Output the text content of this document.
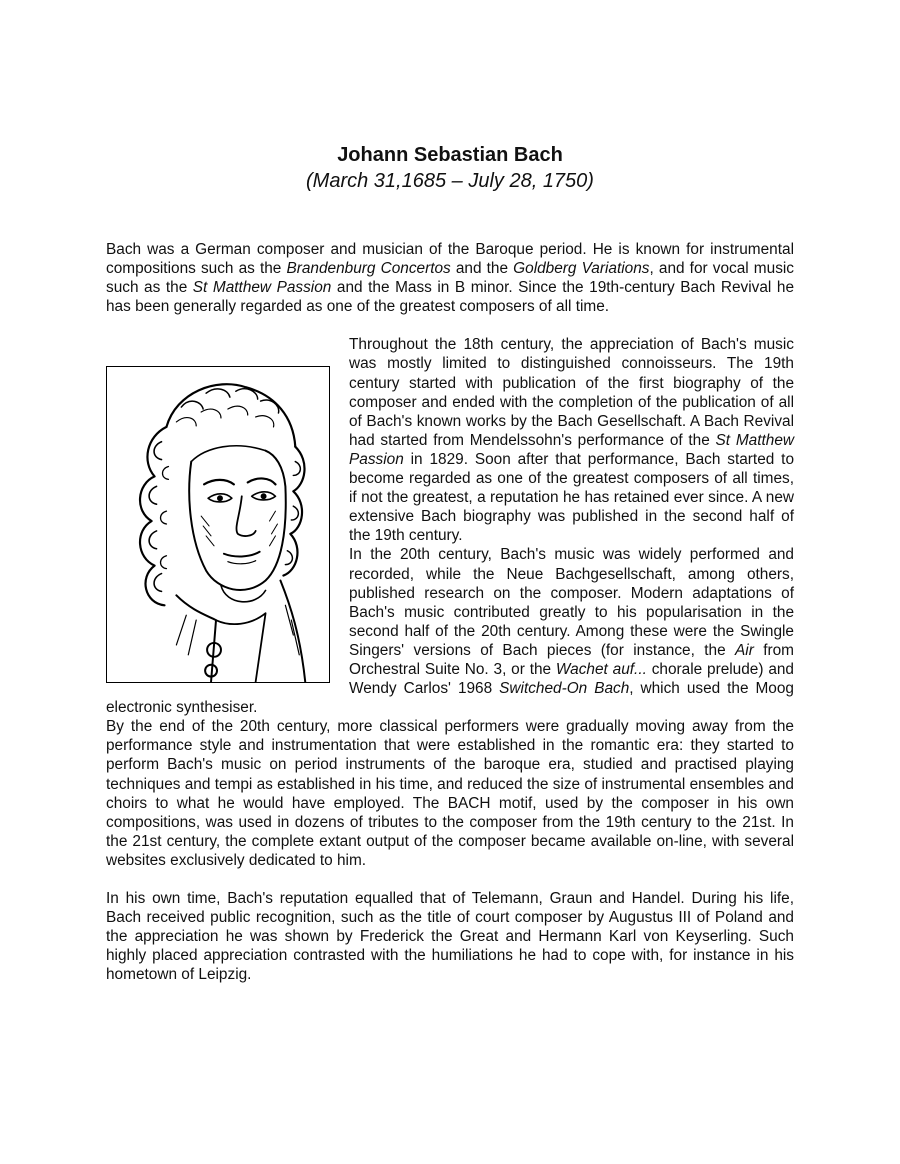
Johann Sebastian Bach
(March 31,1685 – July 28, 1750)

Bach was a German composer and musician of the Baroque period. He is known for instrumental compositions such as the Brandenburg Concertos and the Goldberg Variations, and for vocal music such as the St Matthew Passion and the Mass in B minor. Since the 19th-century Bach Revival he has been generally regarded as one of the greatest composers of all time.

Throughout the 18th century, the appreciation of Bach's music was mostly limited to distinguished connoisseurs. The 19th century started with publication of the first biography of the composer and ended with the completion of the publication of all of Bach's known works by the Bach Gesellschaft. A Bach Revival had started from Mendelssohn's performance of the St Matthew Passion in 1829. Soon after that performance, Bach started to become regarded as one of the greatest composers of all times, if not the greatest, a reputation he has retained ever since. A new extensive Bach biography was published in the second half of the 19th century.

In the 20th century, Bach's music was widely performed and recorded, while the Neue Bachgesellschaft, among others, published research on the composer. Modern adaptations of Bach's music contributed greatly to his popularisation in the second half of the 20th century. Among these were the Swingle Singers' versions of Bach pieces (for instance, the Air from Orchestral Suite No. 3, or the Wachet auf... chorale prelude) and Wendy Carlos' 1968 Switched-On Bach, which used the Moog electronic synthesiser.

By the end of the 20th century, more classical performers were gradually moving away from the performance style and instrumentation that were established in the romantic era: they started to perform Bach's music on period instruments of the baroque era, studied and practised playing techniques and tempi as established in his time, and reduced the size of instrumental ensembles and choirs to what he would have employed. The BACH motif, used by the composer in his own compositions, was used in dozens of tributes to the composer from the 19th century to the 21st. In the 21st century, the complete extant output of the composer became available on-line, with several websites exclusively dedicated to him.

In his own time, Bach's reputation equalled that of Telemann, Graun and Handel. During his life, Bach received public recognition, such as the title of court composer by Augustus III of Poland and the appreciation he was shown by Frederick the Great and Hermann Karl von Keyserling. Such highly placed appreciation contrasted with the humiliations he had to cope with, for instance in his hometown of Leipzig.
